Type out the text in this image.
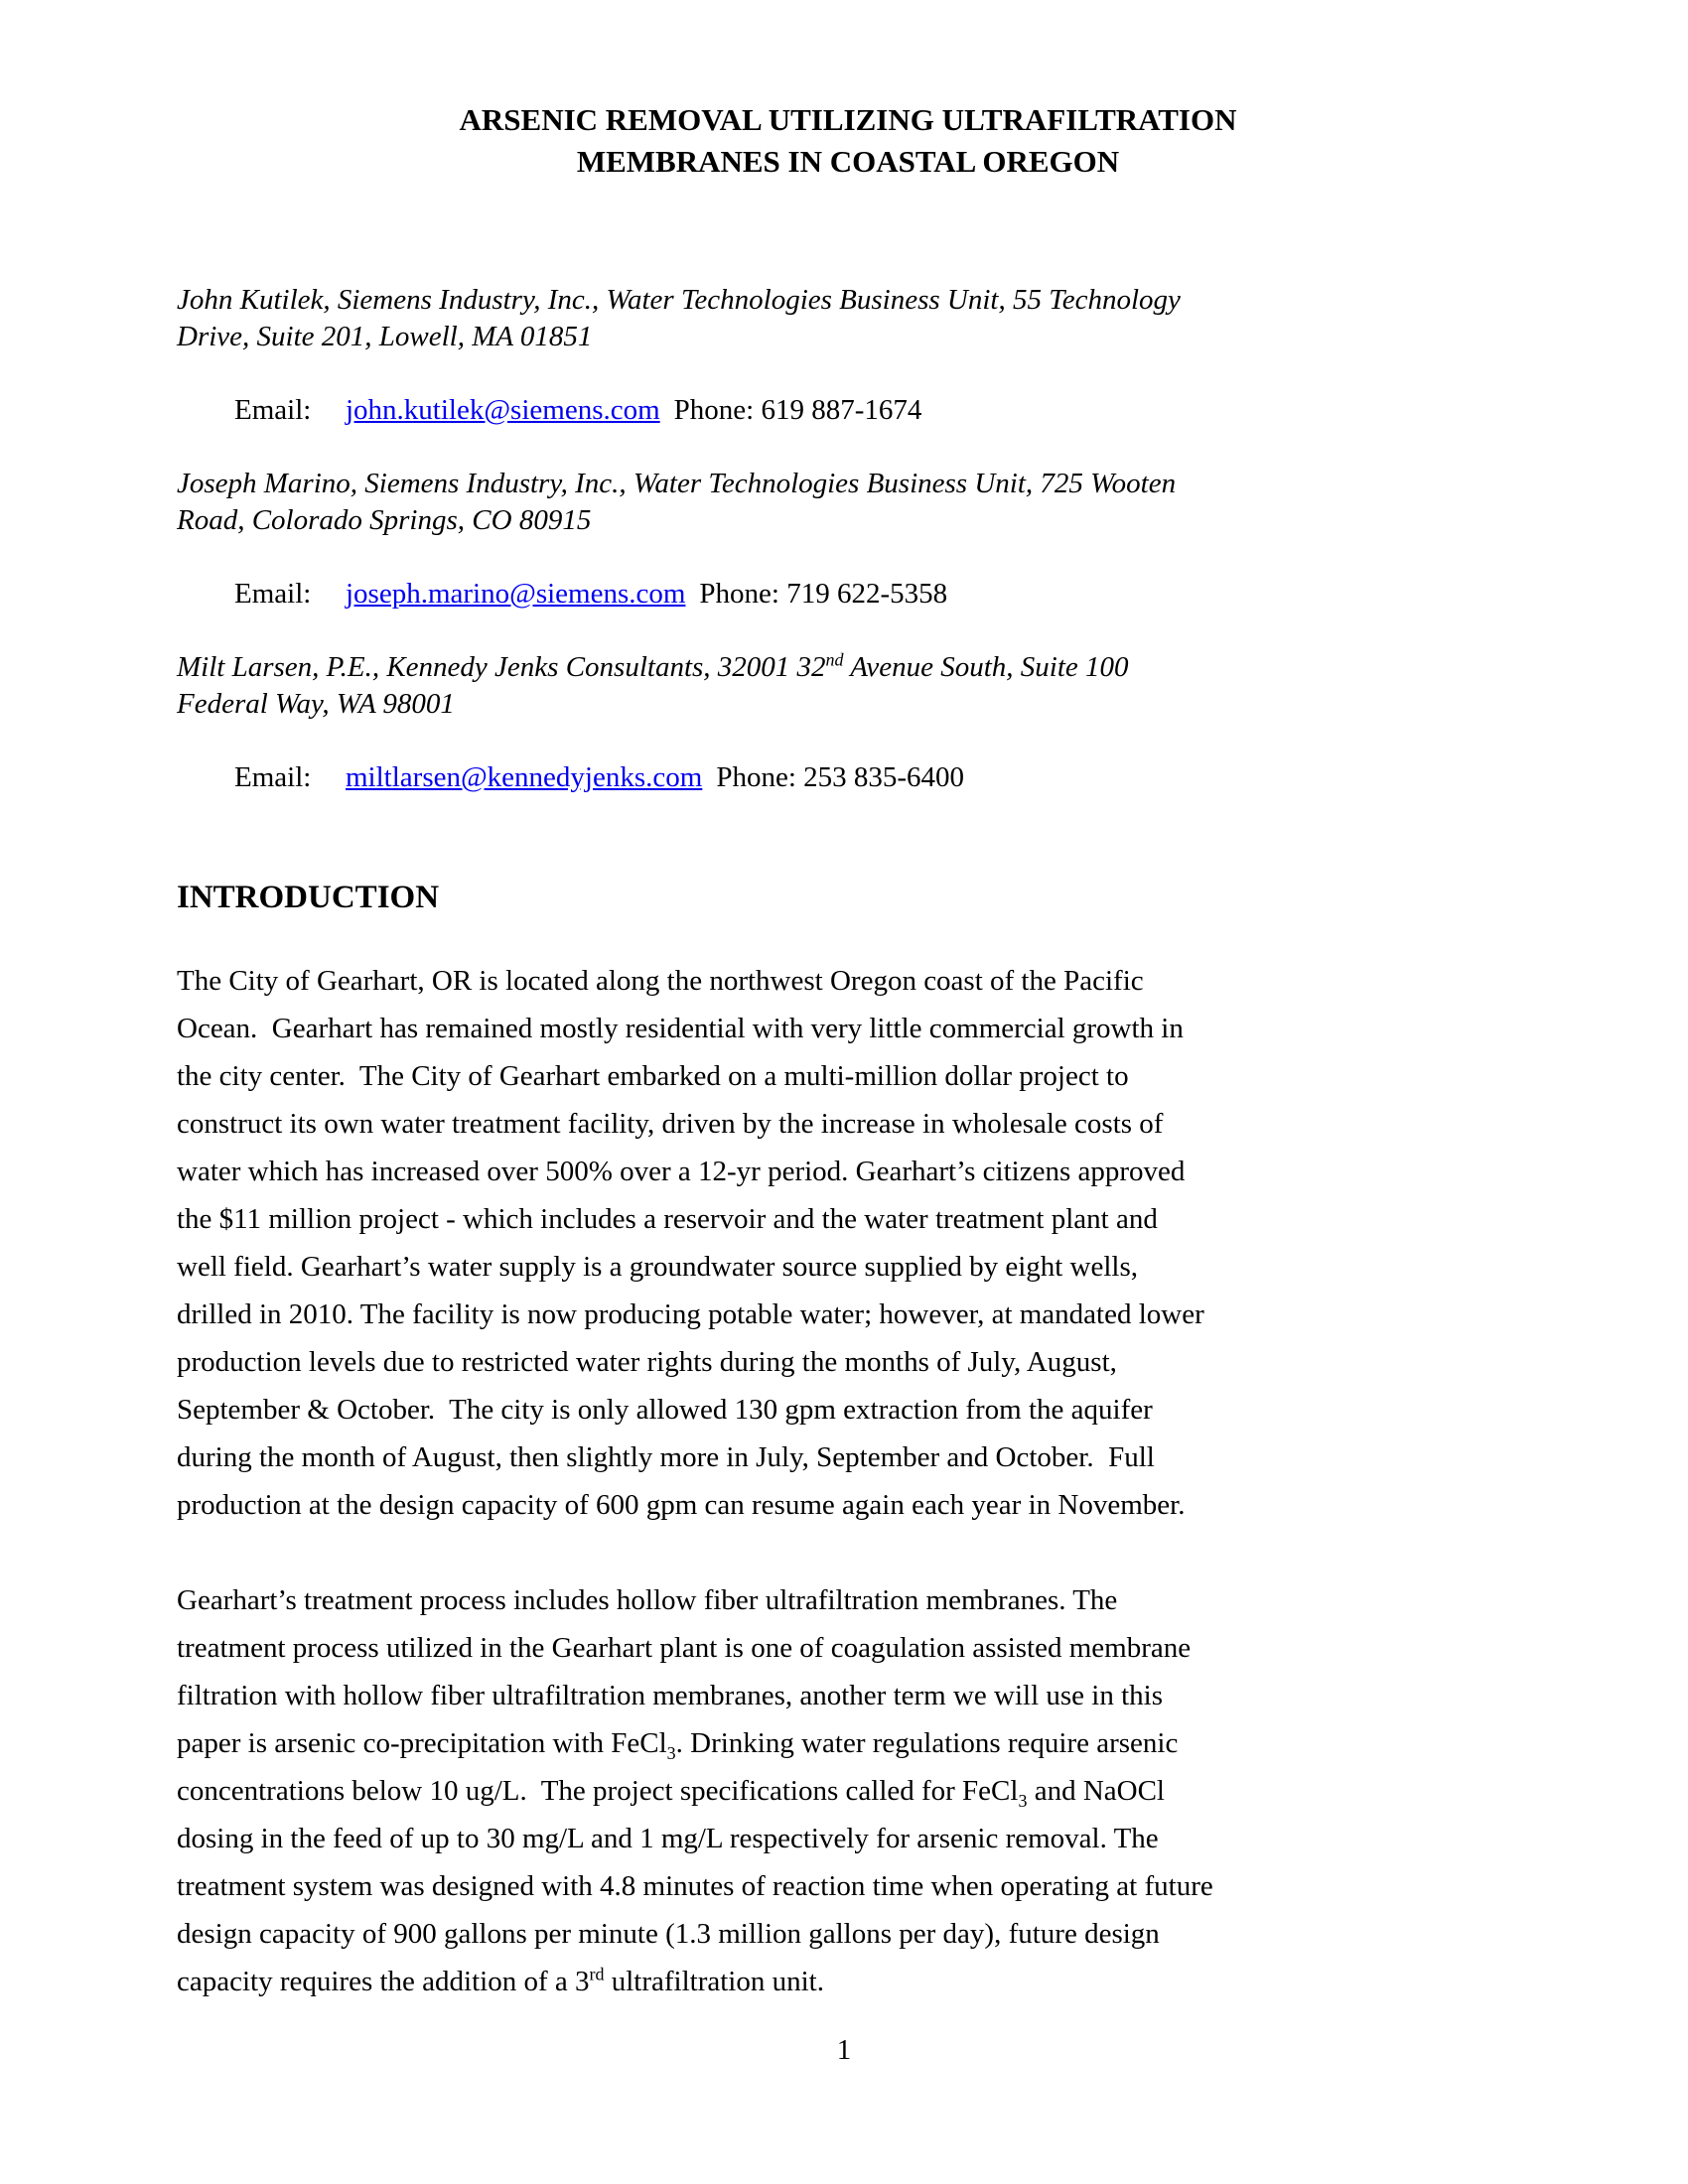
ARSENIC REMOVAL UTILIZING ULTRAFILTRATION
MEMBRANES IN COASTAL OREGON
John Kutilek, Siemens Industry, Inc., Water Technologies Business Unit, 55 Technology
Drive, Suite 201, Lowell, MA 01851

Email: john.kutilek@siemens.com Phone: 619 887-1674

Joseph Marino, Siemens Industry, Inc., Water Technologies Business Unit, 725 Wooten
Road, Colorado Springs, CO 80915

Email: joseph.marino@siemens.com Phone: 719 622-5358

Milt Larsen, P.E., Kennedy Jenks Consultants, 32001 32nd Avenue South, Suite 100
Federal Way, WA 98001

Email: miltlarsen@kennedyjenks.com Phone: 253 835-6400

INTRODUCTION

The City of Gearhart, OR is located along the northwest Oregon coast of the Pacific
Ocean.  Gearhart has remained mostly residential with very little commercial growth in
the city center.  The City of Gearhart embarked on a multi-million dollar project to
construct its own water treatment facility, driven by the increase in wholesale costs of
water which has increased over 500% over a 12-yr period. Gearhart’s citizens approved
the $11 million project - which includes a reservoir and the water treatment plant and
well field. Gearhart’s water supply is a groundwater source supplied by eight wells,
drilled in 2010. The facility is now producing potable water; however, at mandated lower
production levels due to restricted water rights during the months of July, August,
September & October.  The city is only allowed 130 gpm extraction from the aquifer
during the month of August, then slightly more in July, September and October.  Full
production at the design capacity of 600 gpm can resume again each year in November.

Gearhart’s treatment process includes hollow fiber ultrafiltration membranes. The
treatment process utilized in the Gearhart plant is one of coagulation assisted membrane
filtration with hollow fiber ultrafiltration membranes, another term we will use in this
paper is arsenic co-precipitation with FeCl$_3$. Drinking water regulations require arsenic
concentrations below 10 ug/L.  The project specifications called for FeCl$_3$ and NaOCl
dosing in the feed of up to 30 mg/L and 1 mg/L respectively for arsenic removal. The
treatment system was designed with 4.8 minutes of reaction time when operating at future
design capacity of 900 gallons per minute (1.3 million gallons per day), future design
capacity requires the addition of a 3rd ultrafiltration unit.

1
